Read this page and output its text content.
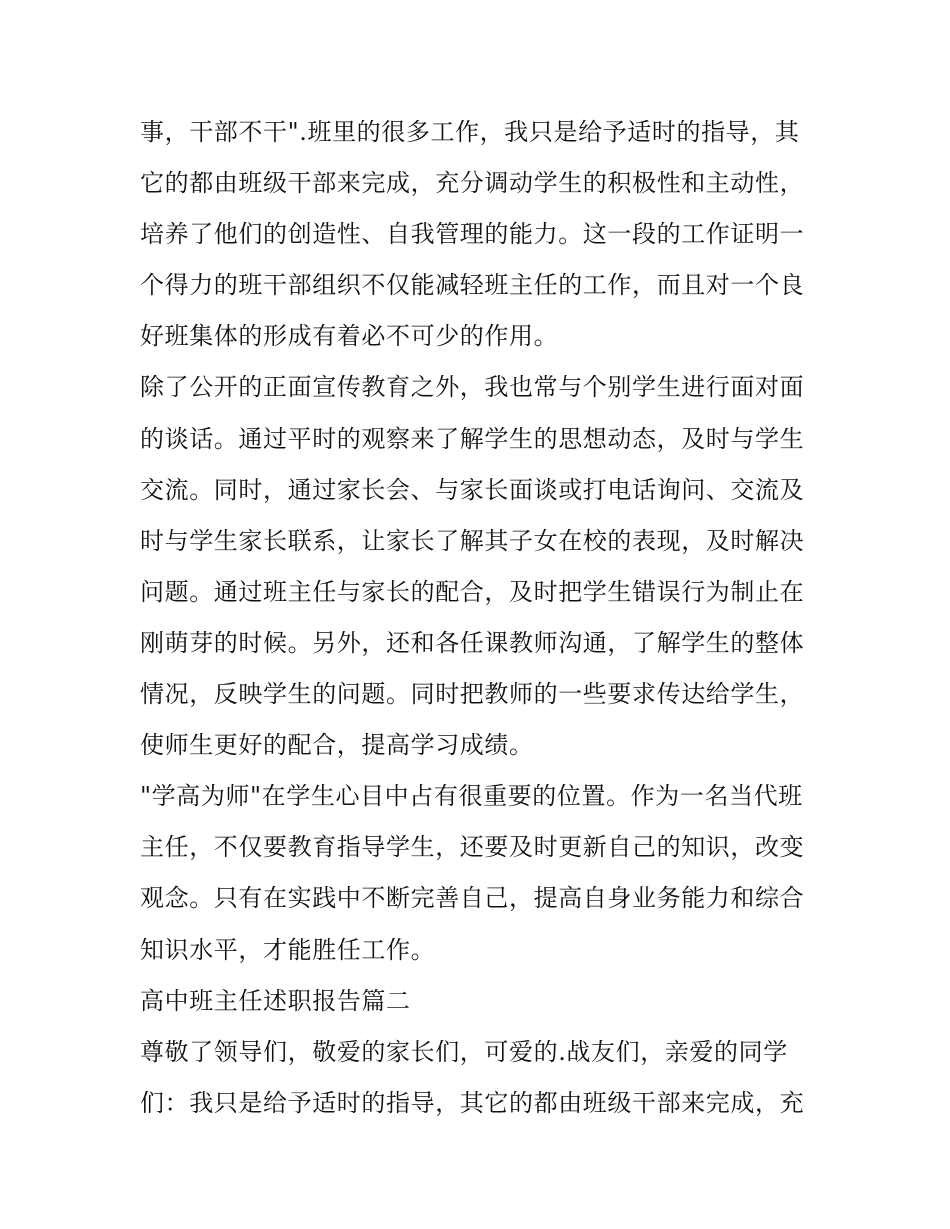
事，干部不干".班里的很多工作，我只是给予适时的指导，其
它的都由班级干部来完成，充分调动学生的积极性和主动性，
培养了他们的创造性、自我管理的能力。这一段的工作证明一
个得力的班干部组织不仅能减轻班主任的工作，而且对一个良
好班集体的形成有着必不可少的作用。
除了公开的正面宣传教育之外，我也常与个别学生进行面对面
的谈话。通过平时的观察来了解学生的思想动态，及时与学生
交流。同时，通过家长会、与家长面谈或打电话询问、交流及
时与学生家长联系，让家长了解其子女在校的表现，及时解决
问题。通过班主任与家长的配合，及时把学生错误行为制止在
刚萌芽的时候。另外，还和各任课教师沟通，了解学生的整体
情况，反映学生的问题。同时把教师的一些要求传达给学生，
使师生更好的配合，提高学习成绩。
"学高为师"在学生心目中占有很重要的位置。作为一名当代班
主任，不仅要教育指导学生，还要及时更新自己的知识，改变
观念。只有在实践中不断完善自己，提高自身业务能力和综合
知识水平，才能胜任工作。
高中班主任述职报告篇二
尊敬了领导们，敬爱的家长们，可爱的.战友们，亲爱的同学
们：我只是给予适时的指导，其它的都由班级干部来完成，充
